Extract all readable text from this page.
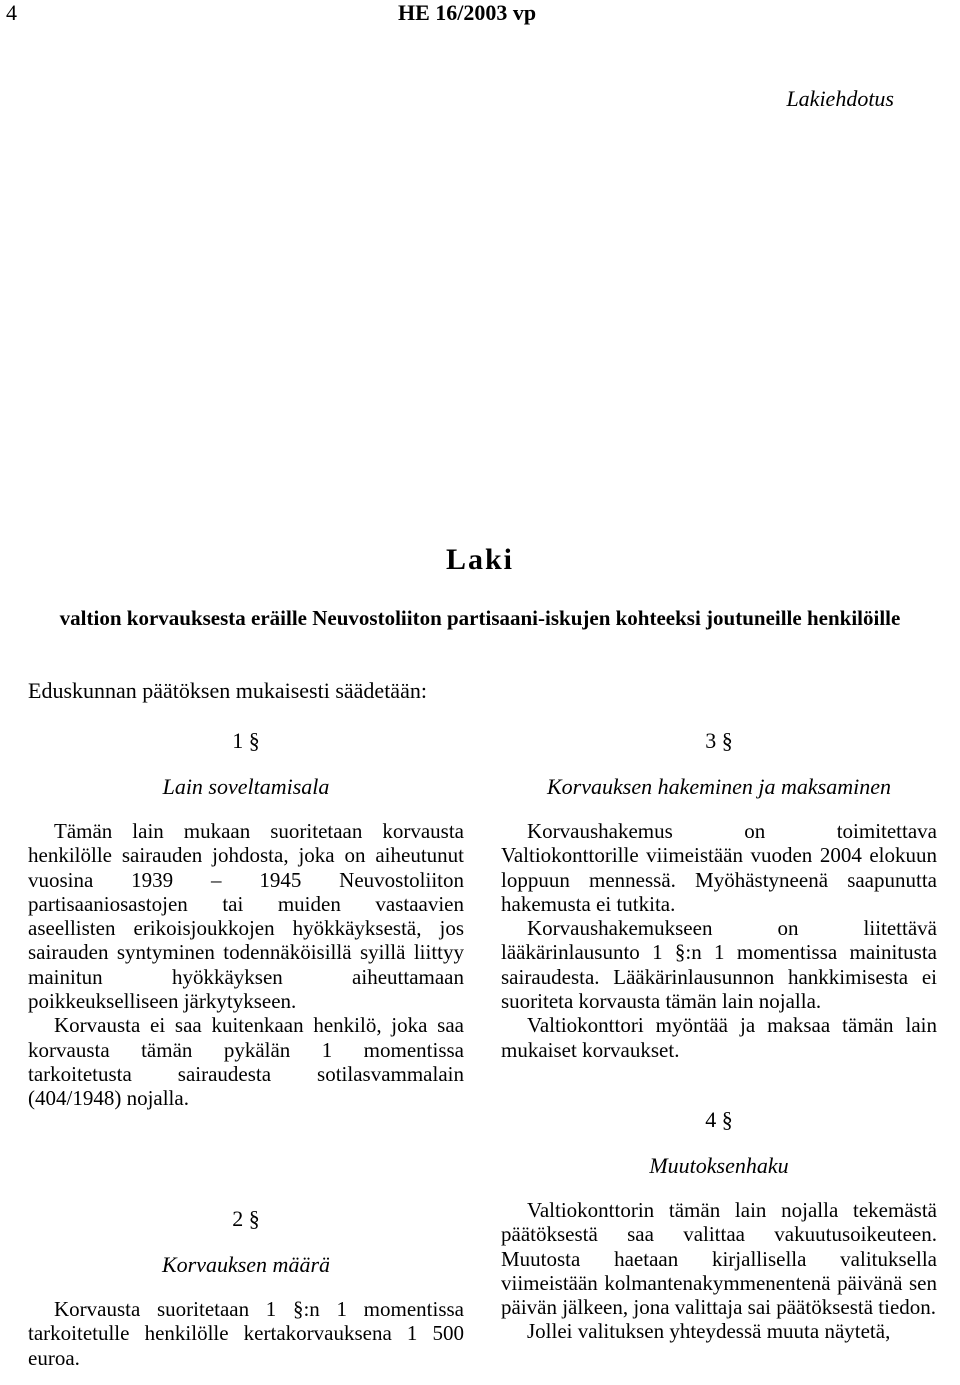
4	HE 16/2003 vp
Lakiehdotus
Laki
valtion korvauksesta eräille Neuvostoliiton partisaani-iskujen kohteeksi joutuneille henkilöille
Eduskunnan päätöksen mukaisesti säädetään:
1 §
Lain soveltamisala

Tämän lain mukaan suoritetaan korvausta henkilölle sairauden johdosta, joka on aiheutunut vuosina 1939 – 1945 Neuvostoliiton partisaaniosastojen tai muiden vastaavien aseellisten erikoisjoukkojen hyökkäyksestä, jos sairauden syntyminen todennäköisillä syillä liittyy mainitun hyökkäyksen aiheuttamaan poikkeukselliseen järkytykseen.

Korvausta ei saa kuitenkaan henkilö, joka saa korvausta tämän pykälän 1 momentissa tarkoitetusta sairaudesta sotilasvammalain (404/1948) nojalla.

2 §
Korvauksen määrä

Korvausta suoritetaan 1 §:n 1 momentissa tarkoitetulle henkilölle kertakorvauksena 1 500 euroa.

3 §
Korvauksen hakeminen ja maksaminen

Korvaushakemus on toimitettava Valtiokonttorille viimeistään vuoden 2004 elokuun loppuun mennessä. Myöhästyneenä saapunutta hakemusta ei tutkita.

Korvaushakemukseen on liitettävä lääkärinlausunto 1 §:n 1 momentissa mainitusta sairaudesta. Lääkärinlausunnon hankkimisesta ei suoriteta korvausta tämän lain nojalla.

Valtiokonttori myöntää ja maksaa tämän lain mukaiset korvaukset.

4 §
Muutoksenhaku

Valtiokonttorin tämän lain nojalla tekemästä päätöksestä saa valittaa vakuutusoikeuteen. Muutosta haetaan kirjallisella valituksella viimeistään kolmantenakymmenentenä päivänä sen päivän jälkeen, jona valittaja sai päätöksestä tiedon.

Jollei valituksen yhteydessä muuta näytetä,
